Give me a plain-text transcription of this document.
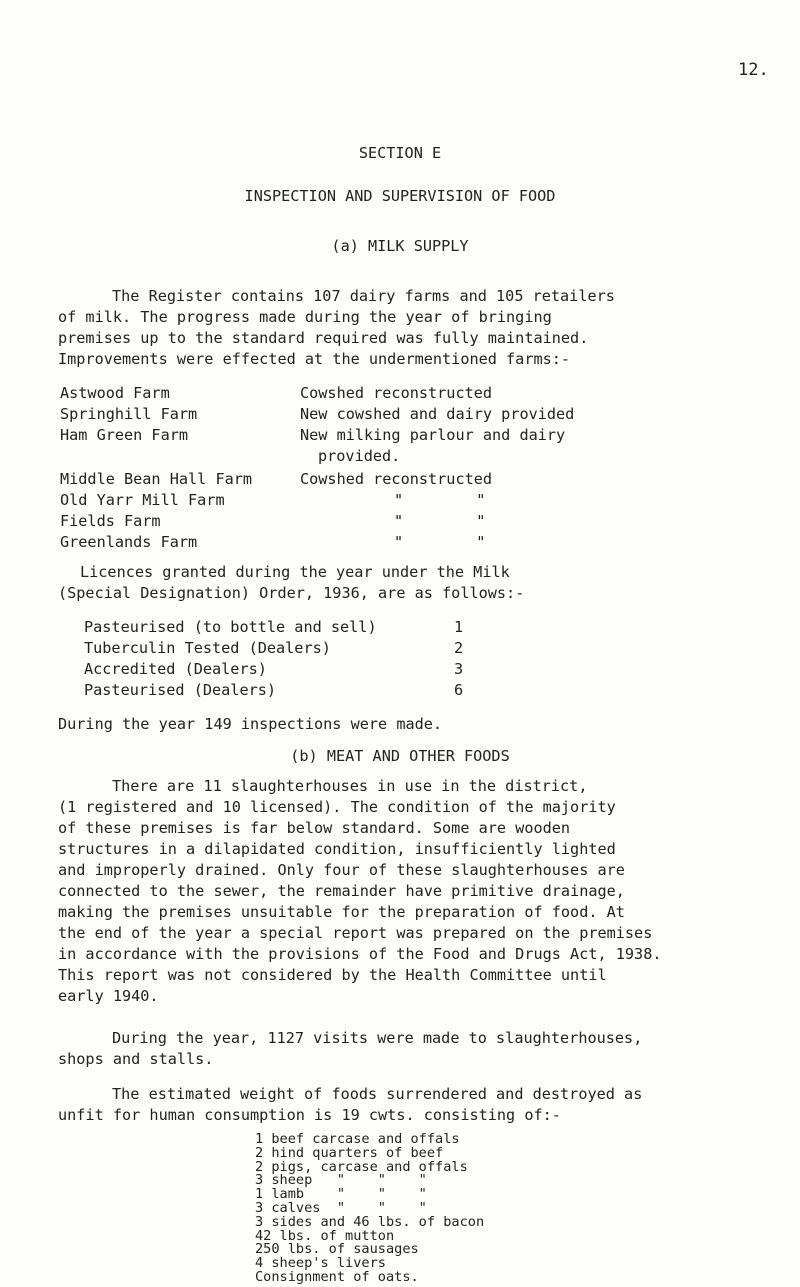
12.
SECTION E
INSPECTION AND SUPERVISION OF FOOD
(a) MILK SUPPLY
The Register contains 107 dairy farms and 105 retailers
of milk. The progress made during the year of bringing
premises up to the standard required was fully maintained.
Improvements were effected at the undermentioned farms:-
Astwood Farm	Cowshed reconstructed
Springhill Farm	New cowshed and dairy provided
Ham Green Farm	New milking parlour and dairy
provided.
Middle Bean Hall Farm	Cowshed reconstructed
Old Yarr Mill Farm	"        "
Fields Farm	"        "
Greenlands Farm	"        "
Licences granted during the year under the Milk
(Special Designation) Order, 1936, are as follows:-
Pasteurised (to bottle and sell)	1
Tuberculin Tested (Dealers)	2
Accredited (Dealers)	3
Pasteurised (Dealers)	6
During the year 149 inspections were made.
(b) MEAT AND OTHER FOODS
There are 11 slaughterhouses in use in the district,
(1 registered and 10 licensed). The condition of the majority
of these premises is far below standard. Some are wooden
structures in a dilapidated condition, insufficiently lighted
and improperly drained. Only four of these slaughterhouses are
connected to the sewer, the remainder have primitive drainage,
making the premises unsuitable for the preparation of food. At
the end of the year a special report was prepared on the premises
in accordance with the provisions of the Food and Drugs Act, 1938.
This report was not considered by the Health Committee until
early 1940.
During the year, 1127 visits were made to slaughterhouses,
shops and stalls.
The estimated weight of foods surrendered and destroyed as
unfit for human consumption is 19 cwts. consisting of:-
1 beef carcase and offals
2 hind quarters of beef
2 pigs, carcase and offals
3 sheep   "    "    "
1 lamb    "    "    "
3 calves  "    "    "
3 sides and 46 lbs. of bacon
42 lbs. of mutton
250 lbs. of sausages
4 sheep's livers
Consignment of oats.
